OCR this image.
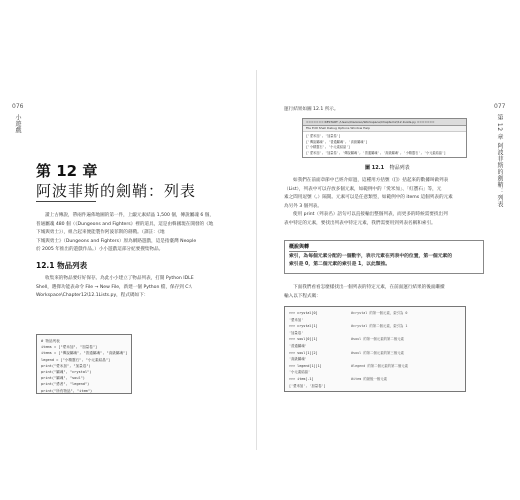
076
小遊戲
第 12 章
阿波菲斯的劍鞘：列表
讀上古傳說，帶兩件遍佈地圖的第一件，上緞元素結晶 1,500 個，傳說屬魂 6 個，
普通屬魂 480 個（《Dungeons and Fighters》裡的道具，這是由韓國現在開發的《地
下城與勇士》），組合起來便能製作阿波菲斯的劍鞘。（譯註：《地
下城與勇士》（Dungeons and Fighters）原為網路遊戲，這是指臺灣 Neople
於 2005 年推出的遊戲作品。）小小遊戲這部分紀要搜集物品。
12.1 物品列表
收集來的物品要好好保存。為此小小建立了物品列表，打開 Python IDLE
Shell，選擇功能表命令 File → New File，新建一個 Python 檔，保存到 C:\
Workspace\Chapter12\12.1Lists.py，程式碼如下：
# 物品列表
items = ["愛米加", "加量卷"]
items = ["傳說屬魂", "普通屬魂", "高級屬魂"]
legend = ["小精靈石", "小元素結晶"]
print("愛米加", "加量卷")
print("屬魂", "crystal")
print("屬魂", "soul")
print("勇者", "legend")
print("所有物品", "item")
077
第 12 章 阿波菲斯的劍鞘：列表
運行結果如圖 12.1 所示。
======= RESTART: /Users/Xiaoxiao/Workspace/Chapter12/12.1Lists.py =======
File Edit Shell Debug Options Window Help
['愛米加', '加量卷']
['傳說屬魂', '普通屬魂', '高級屬魂']
['小精靈石', '小元素結晶']
['愛米加', '加量卷', '傳說屬魂', '普通屬魂', '高級屬魂', '小精靈石', '小元素結晶']
圖 12.1 物品列表
如我們在前面章節中已經介紹過，這種用方括號（[]）括起來的數據叫做列表
（List），列表中可以存放多個元素，如範例中的「愛米加」、「紅寶石」等，元
素之間用逗號（,）隔開。元素可以是任意類型，如範例中的 items 這個列表的元素
為另外 3 個列表。
使用 print（列表名）語句可以直接輸出整個列表，而更多的時候需要找出列
表中特定的元素，要找出列表中特定元素，我們需要用到列表名稱和索引。
概說與轉
索引，為每個元素分配的一個數字，表示元素在列表中的位置，第一個元素的
索引是 0，第二個元素的索引是 1，以此類推。
下面我們看看怎麼樣找出一個列表的特定元素，在前面運行結果的後面繼續
輸入以下程式碼：
>>> crystal[0]	#crystal 的第一個元素，索引為 0
'愛米加'
>>> crystal[1]	#crystal 的第二個元素，索引為 1
'加量卷'
>>> soul[0][1]	#soul 的第一個元素的第二個元素
'普通屬魂'
>>> soul[1][2]	#soul 的第二個元素的第三個元素
'高級屬魂'
>>> legend[1][1]	#legend 的第二個元素的第二個元素
'小元素結晶'
>>> item[-1]	#item 的最後一個元素
['愛米加', '加量卷']
